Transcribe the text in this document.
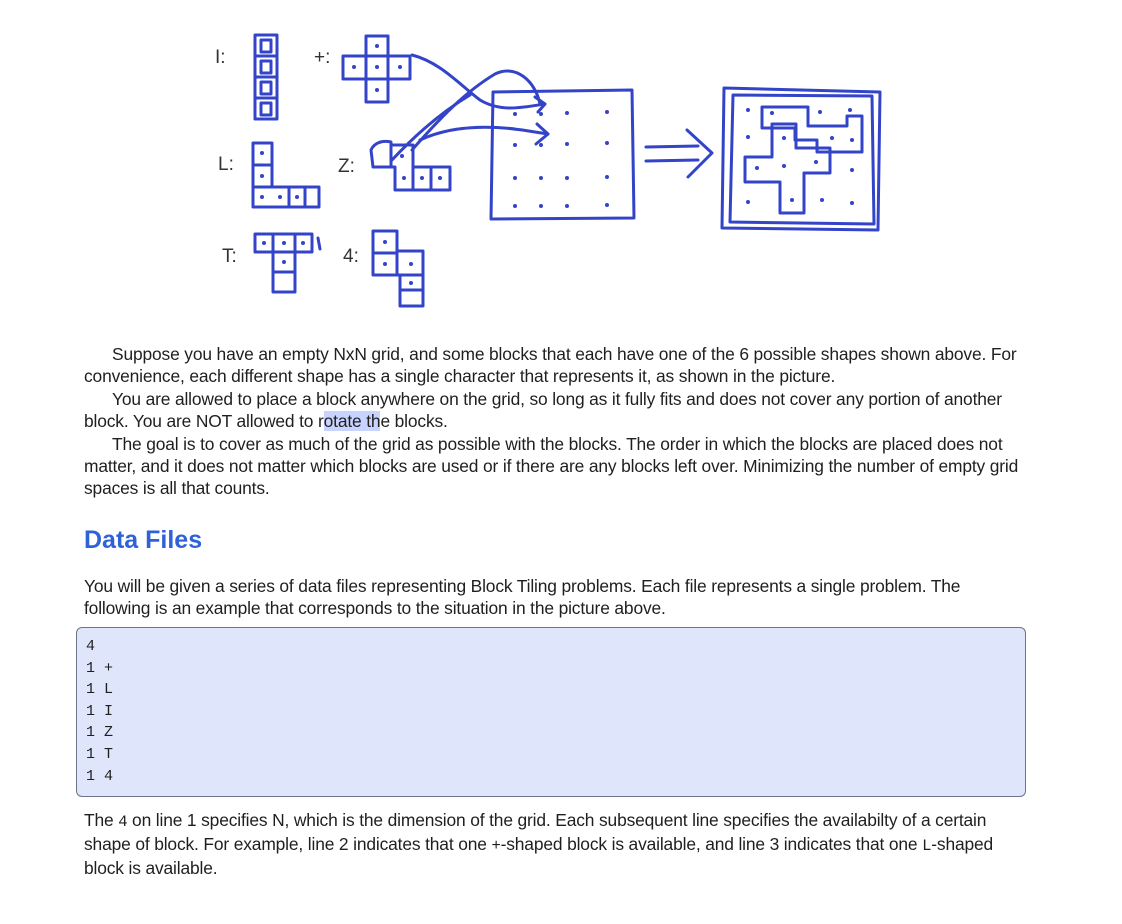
I:	+:
L:	Z:
T:	4:

Suppose you have an empty NxN grid, and some blocks that each have one of the 6 possible shapes shown above. For convenience, each different shape has a single character that represents it, as shown in the picture.

You are allowed to place a block anywhere on the grid, so long as it fully fits and does not cover any portion of another block. You are NOT allowed to rotate the blocks.

The goal is to cover as much of the grid as possible with the blocks. The order in which the blocks are placed does not matter, and it does not matter which blocks are used or if there are any blocks left over. Minimizing the number of empty grid spaces is all that counts.

Data Files

You will be given a series of data files representing Block Tiling problems. Each file represents a single problem. The following is an example that corresponds to the situation in the picture above.

4
1 +
1 L
1 I
1 Z
1 T
1 4

The 4 on line 1 specifies N, which is the dimension of the grid. Each subsequent line specifies the availabilty of a certain shape of block. For example, line 2 indicates that one +-shaped block is available, and line 3 indicates that one L-shaped block is available.
